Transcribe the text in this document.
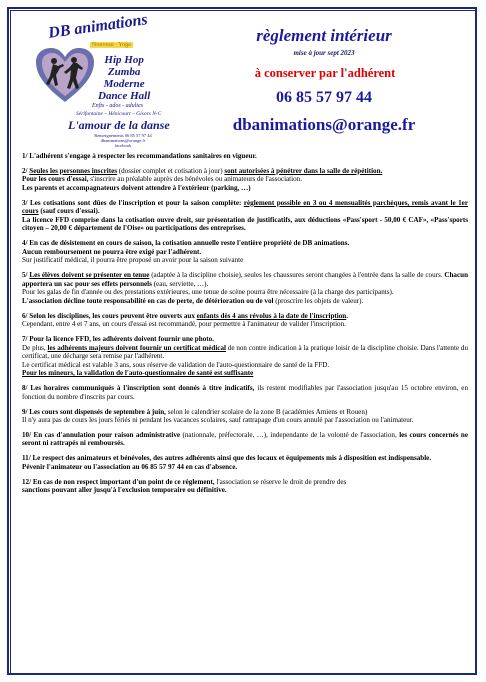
DB animations
Nouveau · Yoga
Hip Hop
Zumba
Moderne
Dance Hall
Enfts - ados - adultes
Sérifontaine – Hénicourt – Gisors N-C
L'amour de la danse
Renseignements 06 85 57 97 44
dbanimations@orange.fr
facebook
règlement intérieur
mise à jour sept 2023
à conserver par l'adhérent
06 85 57 97 44
dbanimations@orange.fr

1/ L'adhérent s'engage à respecter les recommandations sanitaires en vigueur.

2/ Seules les personnes inscrites (dossier complet et cotisation à jour) sont autorisées à pénétrer dans la salle de répétition.
Pour les cours d'essai, s'inscrire au préalable auprès des bénévoles ou animateurs de l'association.
Les parents et accompagnateurs doivent attendre à l'extérieur (parking, …)

3/ Les cotisations sont dûes de l'inscription et pour la saison complète: règlement possible en 3 ou 4 mensualités parchèques, remis avant le 1er cours (sauf cours d'essai).
La licence FFD comprise dans la cotisation ouvre droit, sur présentation de justificatifs, aux déductions «Pass'sport - 50,00 € CAF», «Pass'sports citoyen – 20,00 € département de l'Oise» ou participations des entreprises.

4/ En cas de désistement en cours de saison, la cotisation annuelle reste l'entière propriété de DB animations.
Aucun remboursement ne pourra être exigé par l'adhérent.
Sur justificatif médical, il pourra être proposé un avoir pour la saison suivante

5/ Les élèves doivent se présenter en tenue (adaptée à la discipline choisie), seules les chaussures seront changées à l'entrée dans la salle de cours. Chacun apportera un sac pour ses effets personnels (eau, serviette, …).
Pour les galas de fin d'année ou des prestations extérieures, une tenue de scène pourra être nécessaire (à la charge des participants).
L'association décline toute responsabilité en cas de perte, de détérioration ou de vol (proscrire les objets de valeur).

6/ Selon les disciplines, les cours peuvent être ouverts aux enfants dès 4 ans révolus à la date de l'inscription.
Cependant, entre 4 et 7 ans, un cours d'essai est recommandé, pour permettre à l'animateur de valider l'inscription.

7/ Pour la licence FFD, les adhérents doivent fournir une photo.
De plus, les adhérents majeurs doivent fournir un certificat médical de non contre indication à la pratique loisir de la discipline choisie. Dans l'attente du certificat, une décharge sera remise par l'adhérent.
Le certificat médical est valable 3 ans, sous réserve de validation de l'auto-questionnaire de santé de la FFD.
Pour les mineurs, la validation de l'auto-questionnaire de santé est suffisante

8/ Les horaires communiqués à l'inscription sont donnés à titre indicatifs, ils restent modifiables par l'association jusqu'au 15 octobre environ, en fonction du nombre d'inscrits par cours.

9/ Les cours sont dispensés de septembre à juin, selon le calendrier scolaire de la zone B (académies Amiens et Rouen)
Il n'y aura pas de cours les jours fériés ni pendant les vacances scolaires, sauf rattrapage d'un cours annulé par l'association ou l'animateur.

10/ En cas d'annulation pour raison administrative (nationnale, préfectorale, …), independante de la volonté de l'association, les cours concernés ne seront ni rattrapés ni remboursés.

11/ Le respect des animateurs et bénévoles, des autres adhérents ainsi que des locaux et équipements mis à disposition est indispensable.
Pévenir l'animateur ou l'association au 06 85 57 97 44 en cas d'absence.

12/ En cas de non respect important d'un point de ce règlement, l'association se réserve le droit de prendre des
sanctions pouvant aller jusqu'à l'exclusion temporaire ou définitive.
